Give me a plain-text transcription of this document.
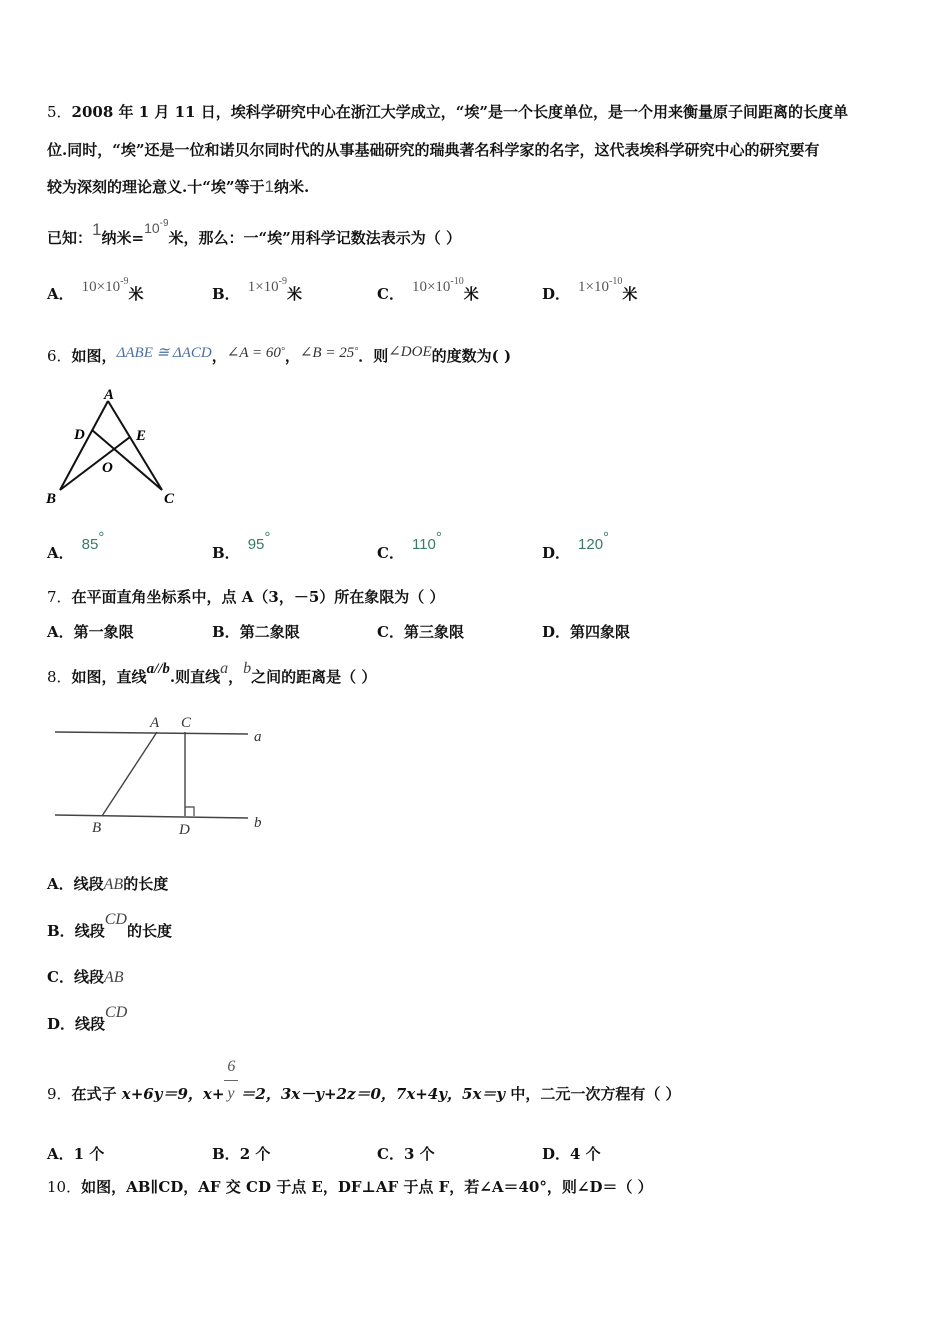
5．2008 年 1 月 11 日，埃科学研究中心在浙江大学成立，“埃”是一个长度单位，是一个用来衡量原子间距离的长度单
位.同时，“埃”还是一位和诺贝尔同时代的从事基础研究的瑞典著名科学家的名字，这代表埃科学研究中心的研究要有
较为深刻的理论意义.十“埃”等于1纳米.
已知：1纳米$=10^{-9}$米，那么：一“埃”用科学记数法表示为（ ）
A． $10\times 10^{-9}$米	B． $1\times 10^{-9}$米	C． $10\times 10^{-10}$米	D． $1\times 10^{-10}$米
6．如图，ΔABE ≅ ΔACD，∠A = 60°，∠B = 25°．则∠DOE的度数为( )
A
D	E
O
B	C
A． 85°
B． 95°
C． 110°
D． 120°
7．在平面直角坐标系中，点 A（3，－5）所在象限为（ ）
A．第一象限	B．第二象限	C．第三象限	D．第四象限
8．如图，直线a//b.则直线a，b之间的距离是（ ）
A C
a
B	D	b
A．线段AB的长度
B．线段CD的长度
C．线段AB
D．线段CD
9．在式子 x+6y＝9，$x+ \frac{6}{y} =2$，3x－y+2z＝0，7x+4y，5x＝y 中，二元一次方程有（ ）
A．1 个	B．2 个	C．3 个	D．4 个
10．如图，AB∥CD，AF 交 CD 于点 E，DF⊥AF 于点 F，若∠A＝40°，则∠D＝（ ）
